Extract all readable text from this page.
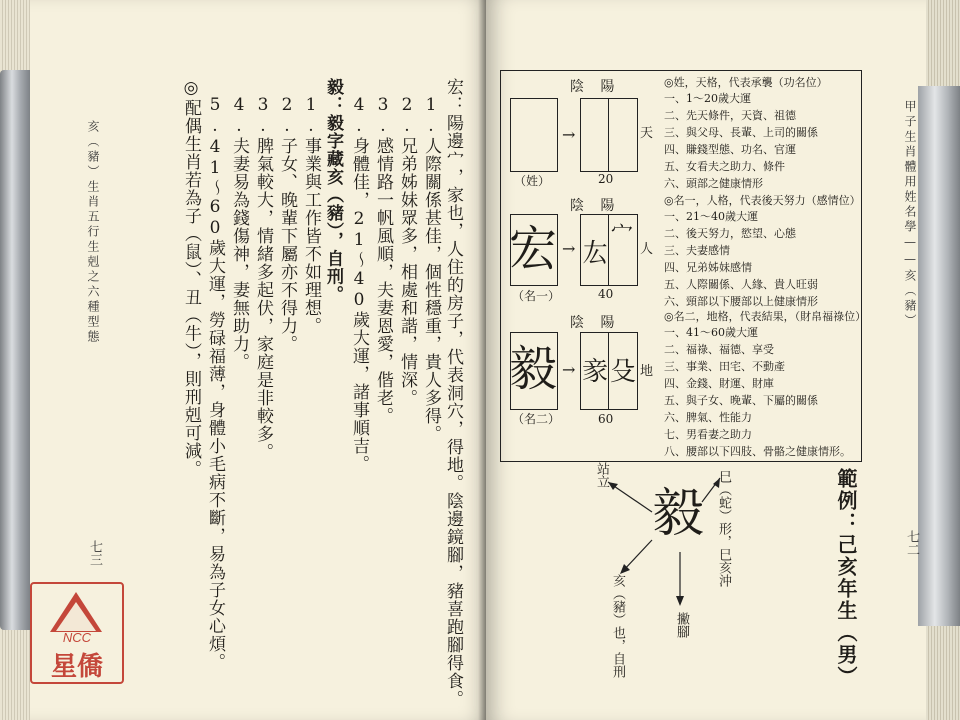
亥（豬）生肖五行生剋之六種型態
七三	宏：陽邊宀，家也，人住的房子，代表洞穴，得地。陰邊鏡腳，豬喜跑腳得食。
1.人際關係甚佳，個性穩重，貴人多得。
2.兄弟姊妹眾多，相處和諧，情深。
3.感情路一帆風順，夫妻恩愛，偕老。
4.身體佳，21～40歲大運，諸事順吉。
毅：毅字藏亥（豬），自刑。
1.事業與工作皆不如理想。
2.子女、晚輩下屬亦不得力。
3.脾氣較大，情緒多起伏，家庭是非較多。
4.夫妻易為錢傷神，妻無助力。
5.41～60歲大運，勞碌福薄，身體小毛病不斷，易為子女心煩。
◎配偶生肖若為子（鼠）、丑（牛），則刑剋可減。	甲子生肖體用姓名學——亥（豬）
七二
陰 陽
（姓）
→
20
天
◎姓，天格，代表承襲（功名位）
一、1～20歲大運
二、先天條件，天資、祖德
三、與父母、長輩、上司的關係
四、賺錢型態、功名、官運
五、女看夫之助力、條件
六、頭部之健康情形
陰 陽
宏
（名一）
→ 厷
宀
40
人
◎名一，人格，代表後天努力（感情位）
一、21～40歲大運
二、後天努力，慾望、心態
三、夫妻感情
四、兄弟姊妹感情
五、人際關係、人緣、貴人旺弱
六、頸部以下腰部以上健康情形
陰 陽
毅
（名二）
→ 豙 殳
60
地
◎名二，地格，代表結果，（財帛福祿位）
一、41～60歲大運
二、福祿、福德、享受
三、事業、田宅、不動產
四、金錢、財運、財庫
五、與子女、晚輩、下屬的關係
六、脾氣、性能力
七、男看妻之助力
八、腰部以下四肢、骨骼之健康情形。
範例：己亥年生（男）
毅
站立	巳（蛇）形，巳亥沖
撇腳
亥（豬）也，自刑
NCC
星僑
